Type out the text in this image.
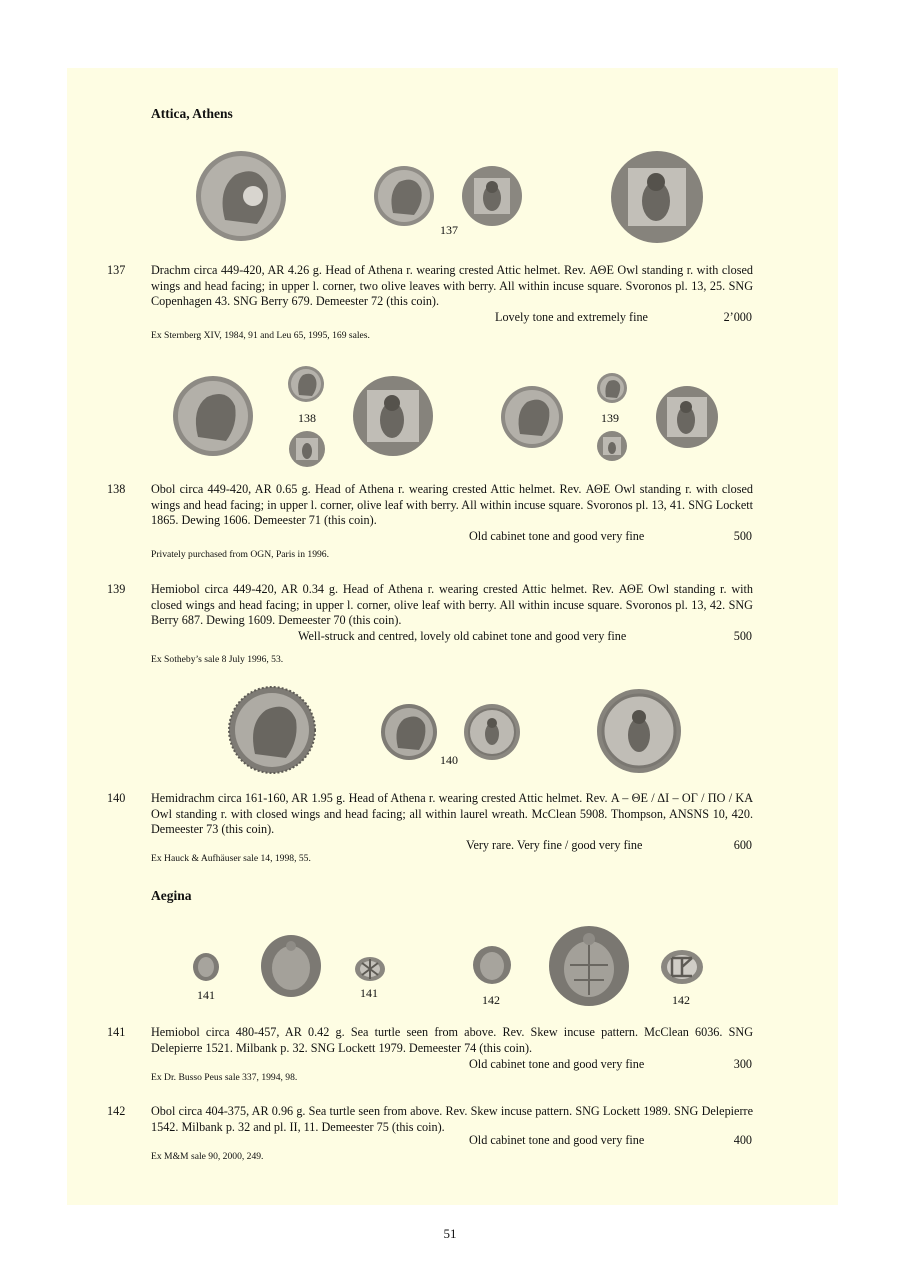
Attica, Athens
137
137 Drachm circa 449-420, AR 4.26 g. Head of Athena r. wearing crested Attic helmet. Rev. ΑΘΕ Owl standing r. with closed wings and head facing; in upper l. corner, two olive leaves with berry. All within incuse square. Svoronos pl. 13, 25. SNG Copenhagen 43. SNG Berry 679. Demeester 72 (this coin).
Lovely tone and extremely fine	2’000
Ex Sternberg XIV, 1984, 91 and Leu 65, 1995, 169 sales.
138	139
138 Obol circa 449-420, AR 0.65 g. Head of Athena r. wearing crested Attic helmet. Rev. ΑΘΕ Owl standing r. with closed wings and head facing; in upper l. corner, olive leaf with berry. All within incuse square. Svoronos pl. 13, 41. SNG Lockett 1865. Dewing 1606. Demeester 71 (this coin).
Old cabinet tone and good very fine	500
Privately purchased from OGN, Paris in 1996.
139 Hemiobol circa 449-420, AR 0.34 g. Head of Athena r. wearing crested Attic helmet. Rev. ΑΘΕ Owl standing r. with closed wings and head facing; in upper l. corner, olive leaf with berry. All within incuse square. Svoronos pl. 13, 42. SNG Berry 687. Dewing 1609. Demeester 70 (this coin).
Well-struck and centred, lovely old cabinet tone and good very fine	500
Ex Sotheby’s sale 8 July 1996, 53.
140
140 Hemidrachm circa 161-160, AR 1.95 g. Head of Athena r. wearing crested Attic helmet. Rev. Α – ΘΕ / ΔΙ – ΟΓ / ΠΟ / ΚΑ Owl standing r. with closed wings and head facing; all within laurel wreath. McClean 5908. Thompson, ANSNS 10, 420. Demeester 73 (this coin).
Very rare. Very fine / good very fine	600
Ex Hauck & Aufhäuser sale 14, 1998, 55.
Aegina
141	141	142	142
141 Hemiobol circa 480-457, AR 0.42 g. Sea turtle seen from above. Rev. Skew incuse pattern. McClean 6036. SNG Delepierre 1521. Milbank p. 32. SNG Lockett 1979. Demeester 74 (this coin).
Old cabinet tone and good very fine	300
Ex Dr. Busso Peus sale 337, 1994, 98.
142 Obol circa 404-375, AR 0.96 g. Sea turtle seen from above. Rev. Skew incuse pattern. SNG Lockett 1989. SNG Delepierre 1542. Milbank p. 32 and pl. II, 11. Demeester 75 (this coin).
Old cabinet tone and good very fine	400
Ex M&M sale 90, 2000, 249.
51
